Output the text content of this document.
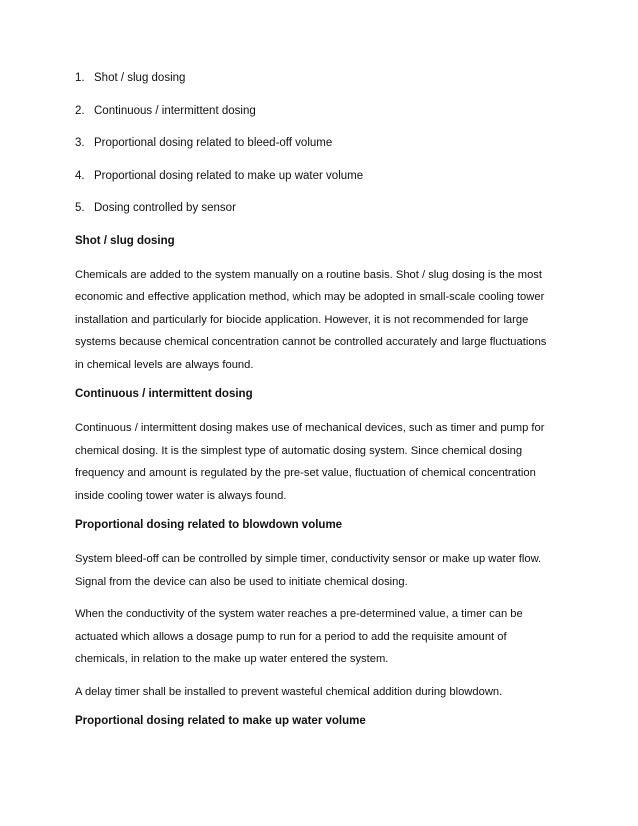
1. Shot / slug dosing
2. Continuous / intermittent dosing
3. Proportional dosing related to bleed-off volume
4. Proportional dosing related to make up water volume
5. Dosing controlled by sensor
Shot / slug dosing
Chemicals are added to the system manually on a routine basis. Shot / slug dosing is the most
economic and effective application method, which may be adopted in small-scale cooling tower
installation and particularly for biocide application. However, it is not recommended for large
systems because chemical concentration cannot be controlled accurately and large fluctuations
in chemical levels are always found.
Continuous / intermittent dosing
Continuous / intermittent dosing makes use of mechanical devices, such as timer and pump for
chemical dosing. It is the simplest type of automatic dosing system. Since chemical dosing
frequency and amount is regulated by the pre-set value, fluctuation of chemical concentration
inside cooling tower water is always found.
Proportional dosing related to blowdown volume
System bleed-off can be controlled by simple timer, conductivity sensor or make up water flow.
Signal from the device can also be used to initiate chemical dosing.
When the conductivity of the system water reaches a pre-determined value, a timer can be
actuated which allows a dosage pump to run for a period to add the requisite amount of
chemicals, in relation to the make up water entered the system.
A delay timer shall be installed to prevent wasteful chemical addition during blowdown.
Proportional dosing related to make up water volume
